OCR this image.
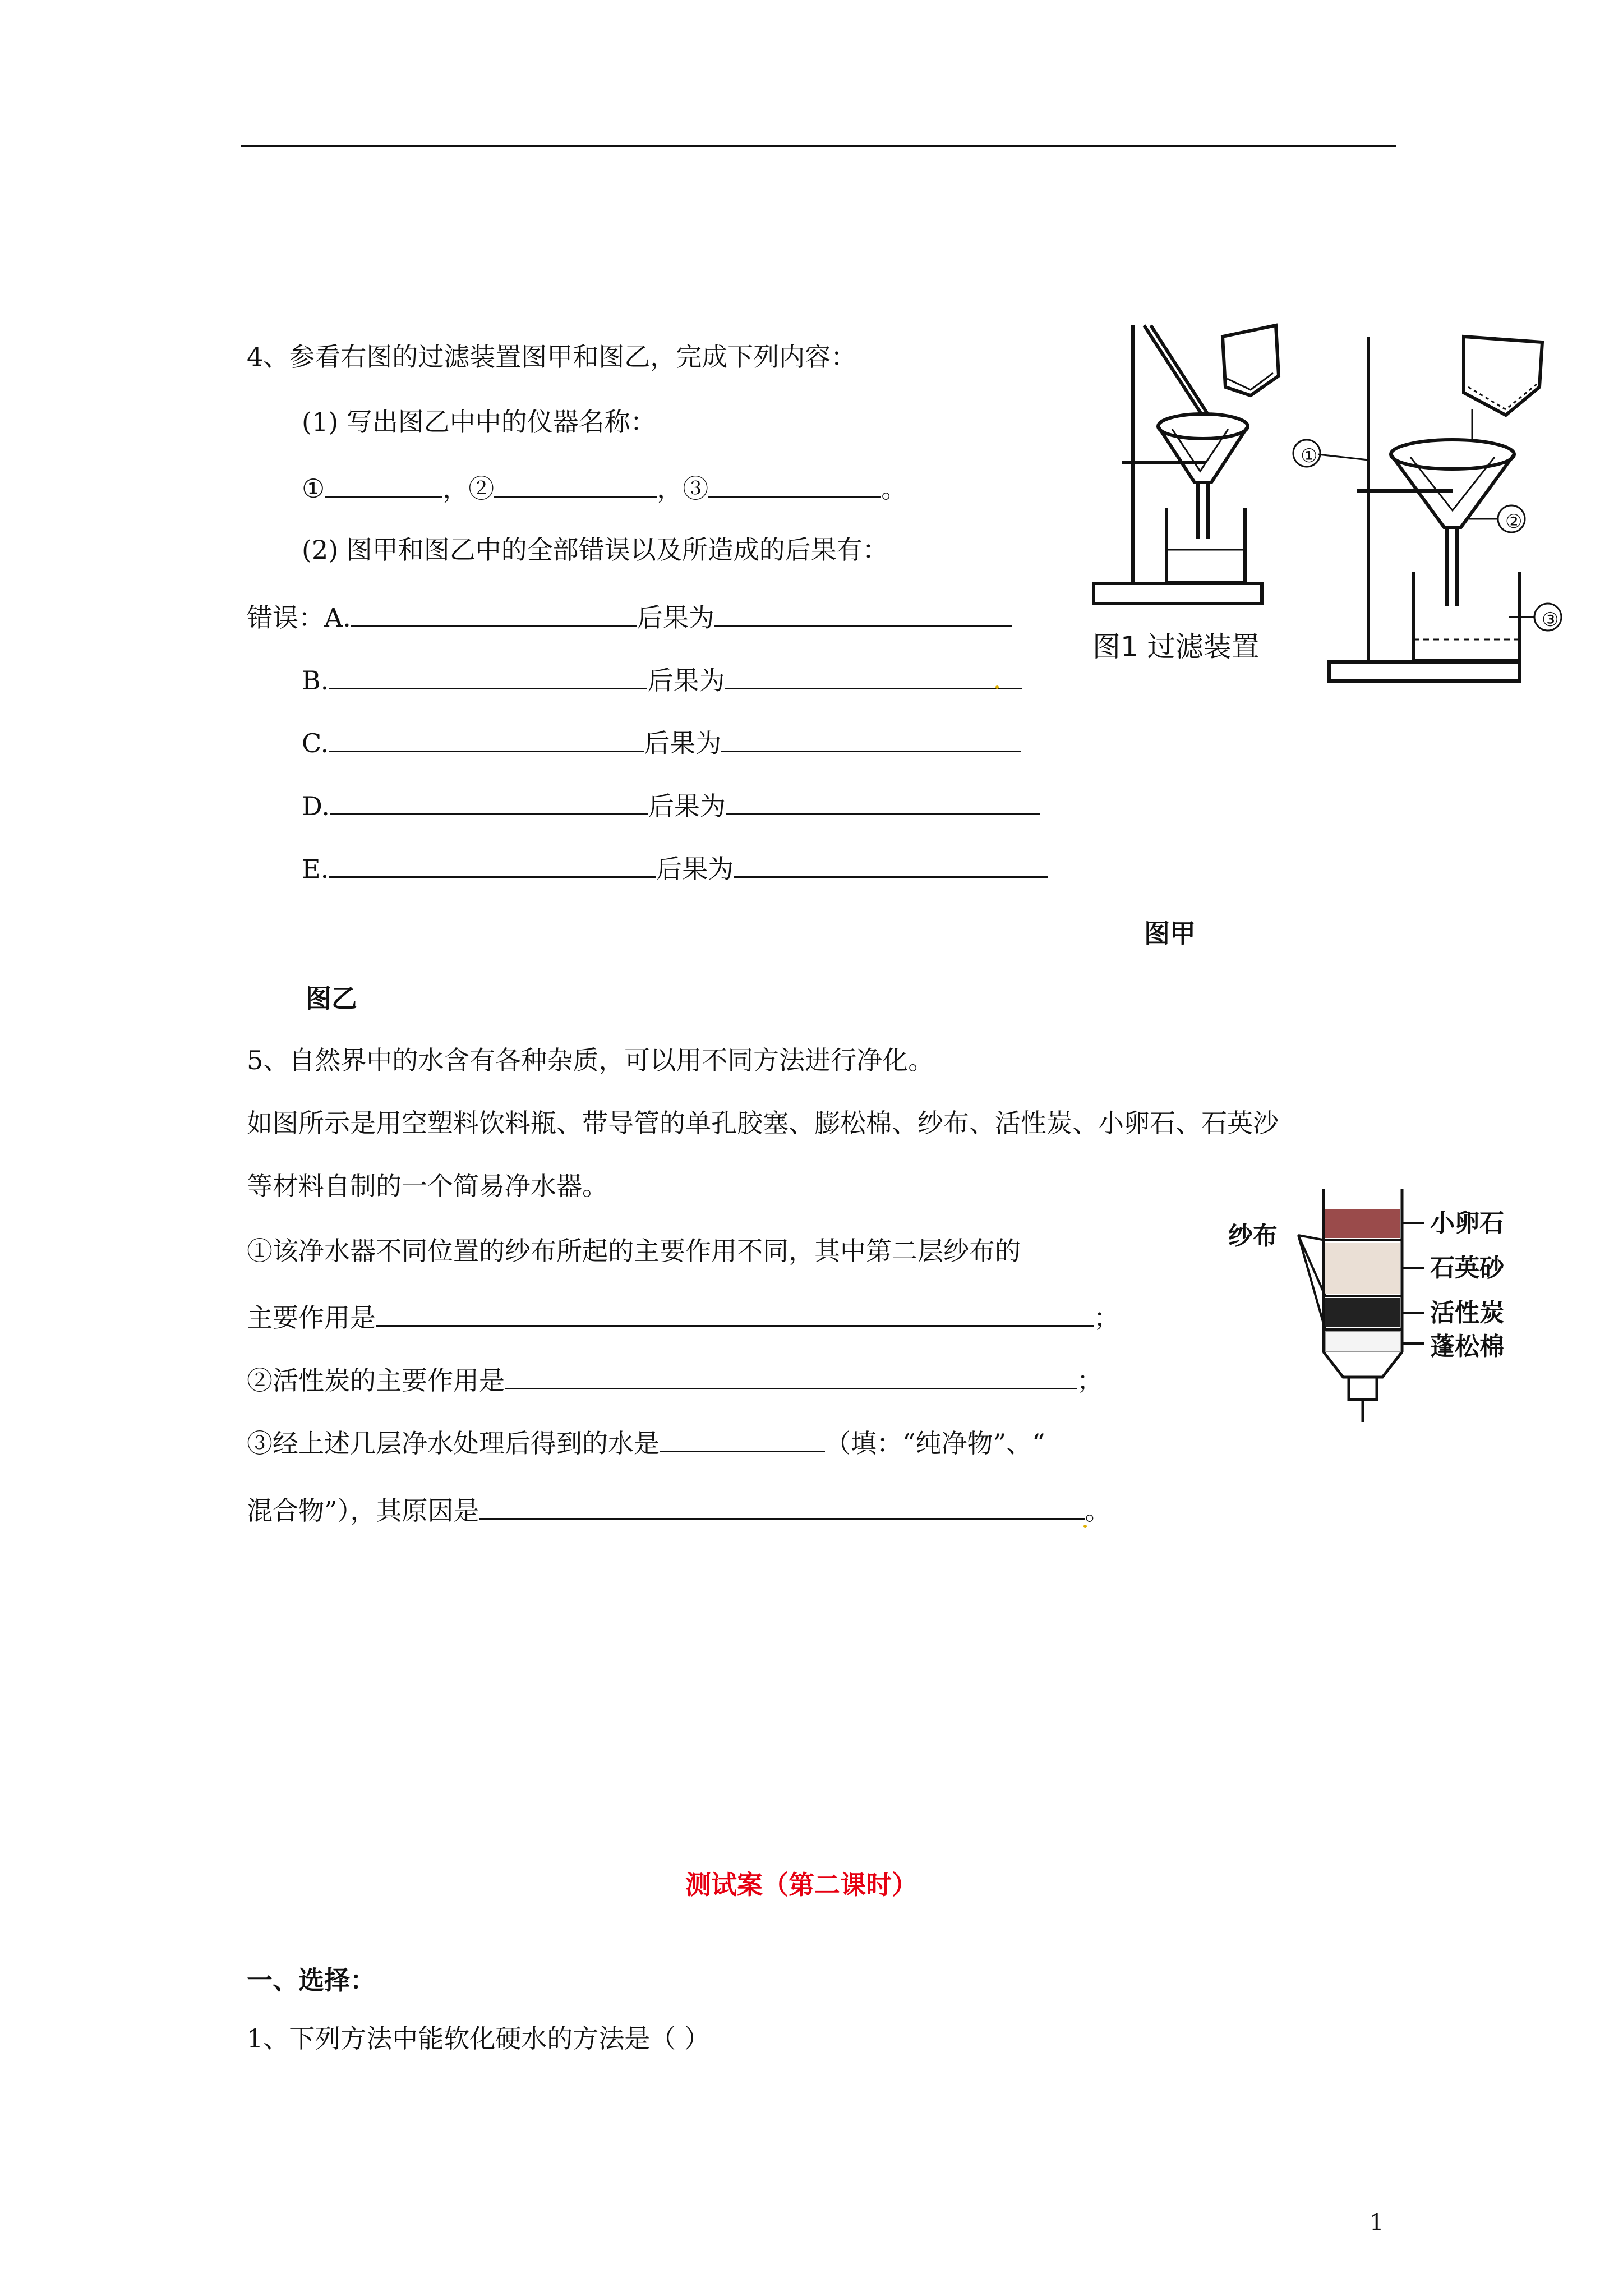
4、参看右图的过滤装置图甲和图乙，完成下列内容：
(1) 写出图乙中中的仪器名称：
①	，②	，③	。
(2) 图甲和图乙中的全部错误以及所造成的后果有：
错误：A.	后果为
B.	后果为
C.	后果为
D.	后果为
E.	后果为
图1 过滤装置
①
②
③
图甲
图乙
5、自然界中的水含有各种杂质，可以用不同方法进行净化。
如图所示是用空塑料饮料瓶、带导管的单孔胶塞、膨松棉、纱布、活性炭、小卵石、石英沙
等材料自制的一个简易净水器。
①该净水器不同位置的纱布所起的主要作用不同，其中第二层纱布的
主要作用是	；
②活性炭的主要作用是	；
③经上述几层净水处理后得到的水是	（填：“纯净物”、“
混合物”），其原因是	。
纱布	小卵石
石英砂
活性炭
蓬松棉
测试案（第二课时）
一、选择：
1、下列方法中能软化硬水的方法是（ ）
1
